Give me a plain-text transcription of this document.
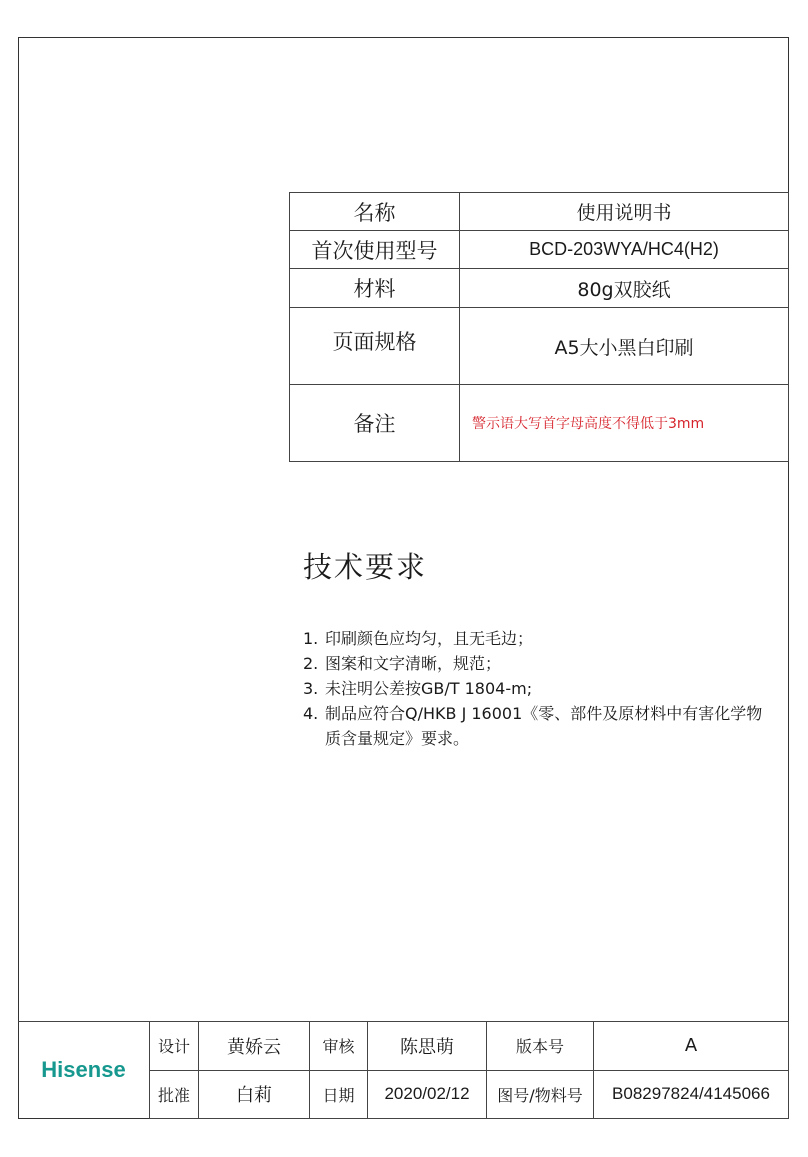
名称	使用说明书
首次使用型号	BCD-203WYA/HC4(H2)
材料	80g双胶纸
页面规格	A5大小黑白印刷
备注	警示语大写首字母高度不得低于3mm
技术要求
1. 印刷颜色应均匀，且无毛边；
2. 图案和文字清晰，规范；
3. 未注明公差按GB/T 1804-m;
4. 制品应符合Q/HKB J 16001《零、部件及原材料中有害化学物质含量规定》要求。
Hisense	设计	黄娇云	审核	陈思萌	版本号	A
	批准	白莉	日期	2020/02/12	图号/物料号	B08297824/4145066
